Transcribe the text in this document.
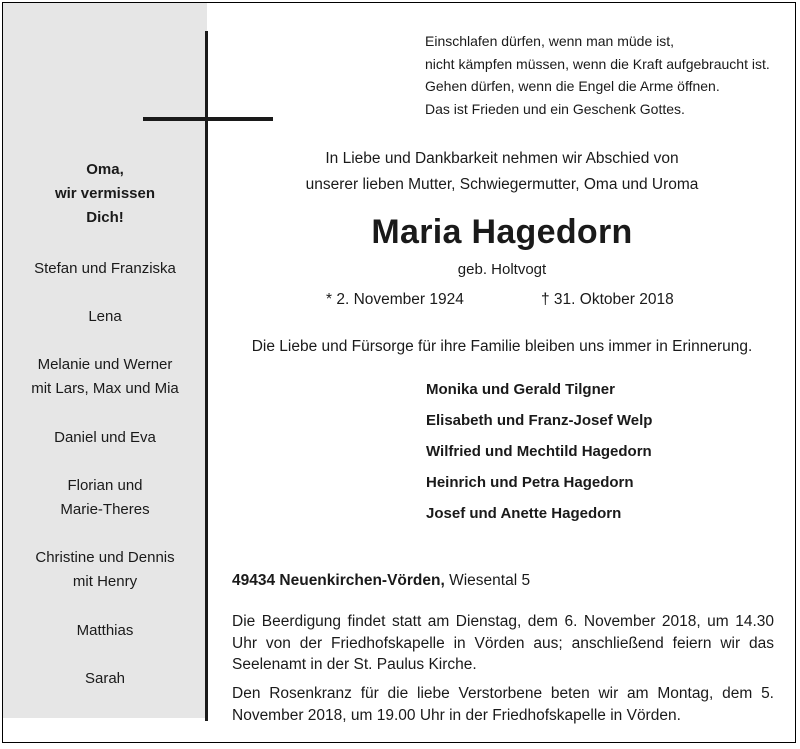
Oma,
wir vermissen
Dich!
Stefan und Franziska
Lena
Melanie und Werner
mit Lars, Max und Mia
Daniel und Eva
Florian und
Marie-Theres
Christine und Dennis
mit Henry
Matthias
Sarah
Einschlafen dürfen, wenn man müde ist,
nicht kämpfen müssen, wenn die Kraft aufgebraucht ist.
Gehen dürfen, wenn die Engel die Arme öffnen.
Das ist Frieden und ein Geschenk Gottes.
In Liebe und Dankbarkeit nehmen wir Abschied von
unserer lieben Mutter, Schwiegermutter, Oma und Uroma
Maria Hagedorn
geb. Holtvogt
* 2. November 1924	† 31. Oktober 2018
Die Liebe und Fürsorge für ihre Familie bleiben uns immer in Erinnerung.
Monika und Gerald Tilgner
Elisabeth und Franz-Josef Welp
Wilfried und Mechtild Hagedorn
Heinrich und Petra Hagedorn
Josef und Anette Hagedorn
49434 Neuenkirchen-Vörden, Wiesental 5
Die Beerdigung findet statt am Dienstag, dem 6. November 2018, um 14.30 Uhr von der Friedhofskapelle in Vörden aus; anschließend feiern wir das Seelenamt in der St. Paulus Kirche.
Den Rosenkranz für die liebe Verstorbene beten wir am Montag, dem 5. November 2018, um 19.00 Uhr in der Friedhofskapelle in Vörden.
